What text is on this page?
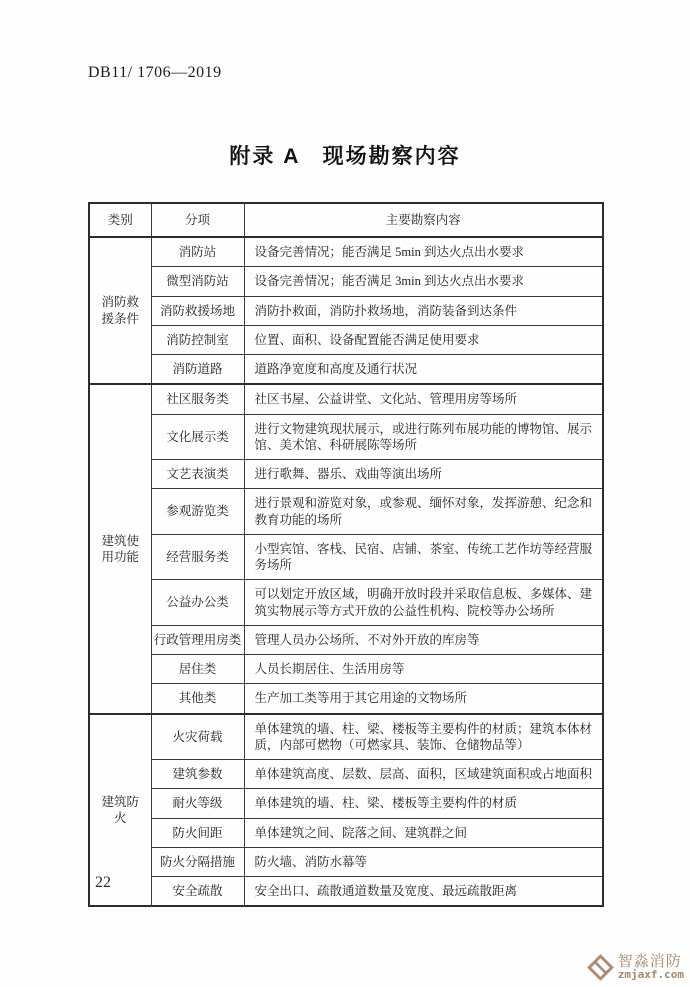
DB11/ 1706—2019
附录 A　现场勘察内容
类别	分项	主要勘察内容
消防救援条件	消防站	设备完善情况；能否满足 5min 到达火点出水要求
	微型消防站	设备完善情况；能否满足 3min 到达火点出水要求
	消防救援场地	消防扑救面，消防扑救场地，消防装备到达条件
	消防控制室	位置、面积、设备配置能否满足使用要求
	消防道路	道路净宽度和高度及通行状况
建筑使用功能	社区服务类	社区书屋、公益讲堂、文化站、管理用房等场所
	文化展示类	进行文物建筑现状展示，或进行陈列布展功能的博物馆、展示馆、美术馆、科研展陈等场所
	文艺表演类	进行歌舞、器乐、戏曲等演出场所
	参观游览类	进行景观和游览对象，或参观、缅怀对象，发挥游憩、纪念和教育功能的场所
	经营服务类	小型宾馆、客栈、民宿、店铺、茶室、传统工艺作坊等经营服务场所
	公益办公类	可以划定开放区域，明确开放时段并采取信息板、多媒体、建筑实物展示等方式开放的公益性机构、院校等办公场所
	行政管理用房类	管理人员办公场所、不对外开放的库房等
	居住类	人员长期居住、生活用房等
	其他类	生产加工类等用于其它用途的文物场所
建筑防火	火灾荷载	单体建筑的墙、柱、梁、楼板等主要构件的材质；建筑本体材质，内部可燃物（可燃家具、装饰、仓储物品等）
	建筑参数	单体建筑高度、层数、层高、面积，区域建筑面积或占地面积
	耐火等级	单体建筑的墙、柱、梁、楼板等主要构件的材质
	防火间距	单体建筑之间、院落之间、建筑群之间
	防火分隔措施	防火墙、消防水幕等
	安全疏散	安全出口、疏散通道数量及宽度、最远疏散距离
22
智淼消防
zmjaxf.com
